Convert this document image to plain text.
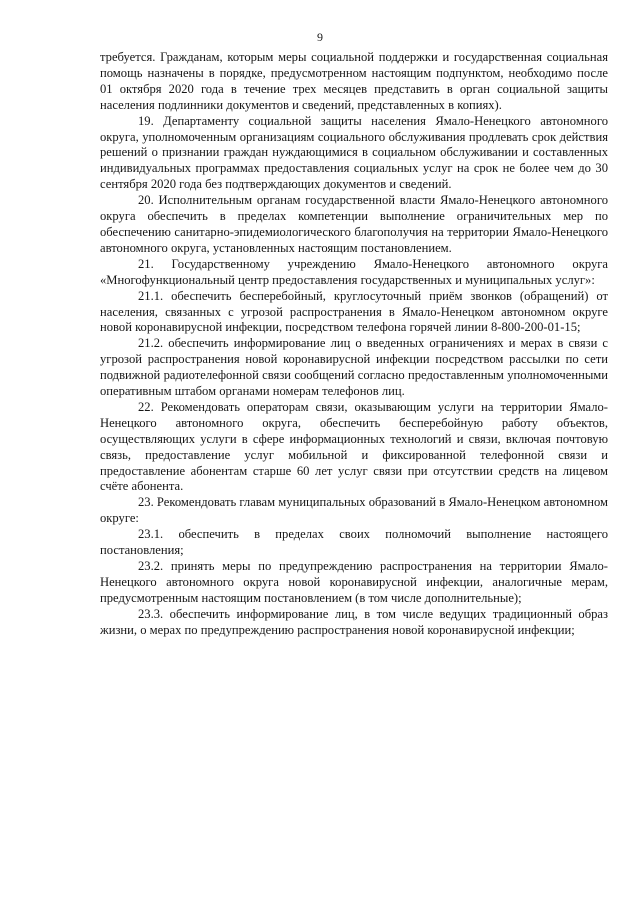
9

требуется. Гражданам, которым меры социальной поддержки и государственная социальная помощь назначены в порядке, предусмотренном настоящим подпунктом, необходимо после 01 октября 2020 года в течение трех месяцев представить в орган социальной защиты населения подлинники документов и сведений, представленных в копиях).

19. Департаменту социальной защиты населения Ямало-Ненецкого автономного округа, уполномоченным организациям социального обслуживания продлевать срок действия решений о признании граждан нуждающимися в социальном обслуживании и составленных индивидуальных программах предоставления социальных услуг на срок не более чем до 30 сентября 2020 года без подтверждающих документов и сведений.

20. Исполнительным органам государственной власти Ямало-Ненецкого автономного округа обеспечить в пределах компетенции выполнение ограничительных мер по обеспечению санитарно-эпидемиологического благополучия на территории Ямало-Ненецкого автономного округа, установленных настоящим постановлением.

21. Государственному учреждению Ямало-Ненецкого автономного округа «Многофункциональный центр предоставления государственных и муниципальных услуг»:

21.1. обеспечить бесперебойный, круглосуточный приём звонков (обращений) от населения, связанных с угрозой распространения в Ямало-Ненецком автономном округе новой коронавирусной инфекции, посредством телефона горячей линии 8-800-200-01-15;

21.2. обеспечить информирование лиц о введенных ограничениях и мерах в связи с угрозой распространения новой коронавирусной инфекции посредством рассылки по сети подвижной радиотелефонной связи сообщений согласно предоставленным уполномоченными оперативным штабом органами номерам телефонов лиц.

22. Рекомендовать операторам связи, оказывающим услуги на территории Ямало-Ненецкого автономного округа, обеспечить бесперебойную работу объектов, осуществляющих услуги в сфере информационных технологий и связи, включая почтовую связь, предоставление услуг мобильной и фиксированной телефонной связи и предоставление абонентам старше 60 лет услуг связи при отсутствии средств на лицевом счёте абонента.

23. Рекомендовать главам муниципальных образований в Ямало-Ненецком автономном округе:

23.1. обеспечить в пределах своих полномочий выполнение настоящего постановления;

23.2. принять меры по предупреждению распространения на территории Ямало-Ненецкого автономного округа новой коронавирусной инфекции, аналогичные мерам, предусмотренным настоящим постановлением (в том числе дополнительные);

23.3. обеспечить информирование лиц, в том числе ведущих традиционный образ жизни, о мерах по предупреждению распространения новой коронавирусной инфекции;
